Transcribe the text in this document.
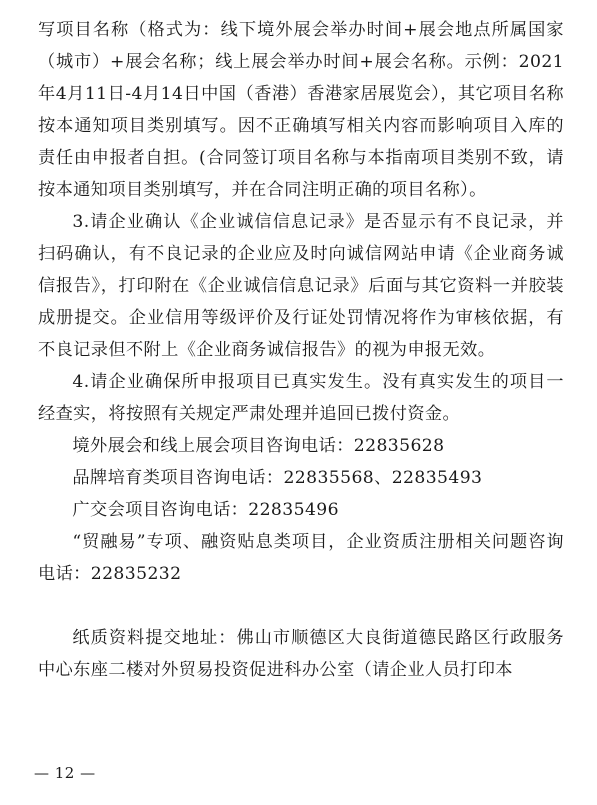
写项目名称（格式为：线下境外展会举办时间+展会地点所属国家（城市）+展会名称；线上展会举办时间+展会名称。示例：2021年4月11日-4月14日中国（香港）香港家居展览会），其它项目名称按本通知项目类别填写。因不正确填写相关内容而影响项目入库的责任由申报者自担。(合同签订项目名称与本指南项目类别不致，请按本通知项目类别填写，并在合同注明正确的项目名称）。

3.请企业确认《企业诚信信息记录》是否显示有不良记录，并扫码确认，有不良记录的企业应及时向诚信网站申请《企业商务诚信报告》，打印附在《企业诚信信息记录》后面与其它资料一并胶装成册提交。企业信用等级评价及行证处罚情况将作为审核依据，有不良记录但不附上《企业商务诚信报告》的视为申报无效。

4.请企业确保所申报项目已真实发生。没有真实发生的项目一经查实，将按照有关规定严肃处理并追回已拨付资金。

境外展会和线上展会项目咨询电话：22835628

品牌培育类项目咨询电话：22835568、22835493

广交会项目咨询电话：22835496

“贸融易”专项、融资贴息类项目，企业资质注册相关问题咨询电话：22835232

纸质资料提交地址：佛山市顺德区大良街道德民路区行政服务中心东座二楼对外贸易投资促进科办公室（请企业人员打印本

— 12 —
